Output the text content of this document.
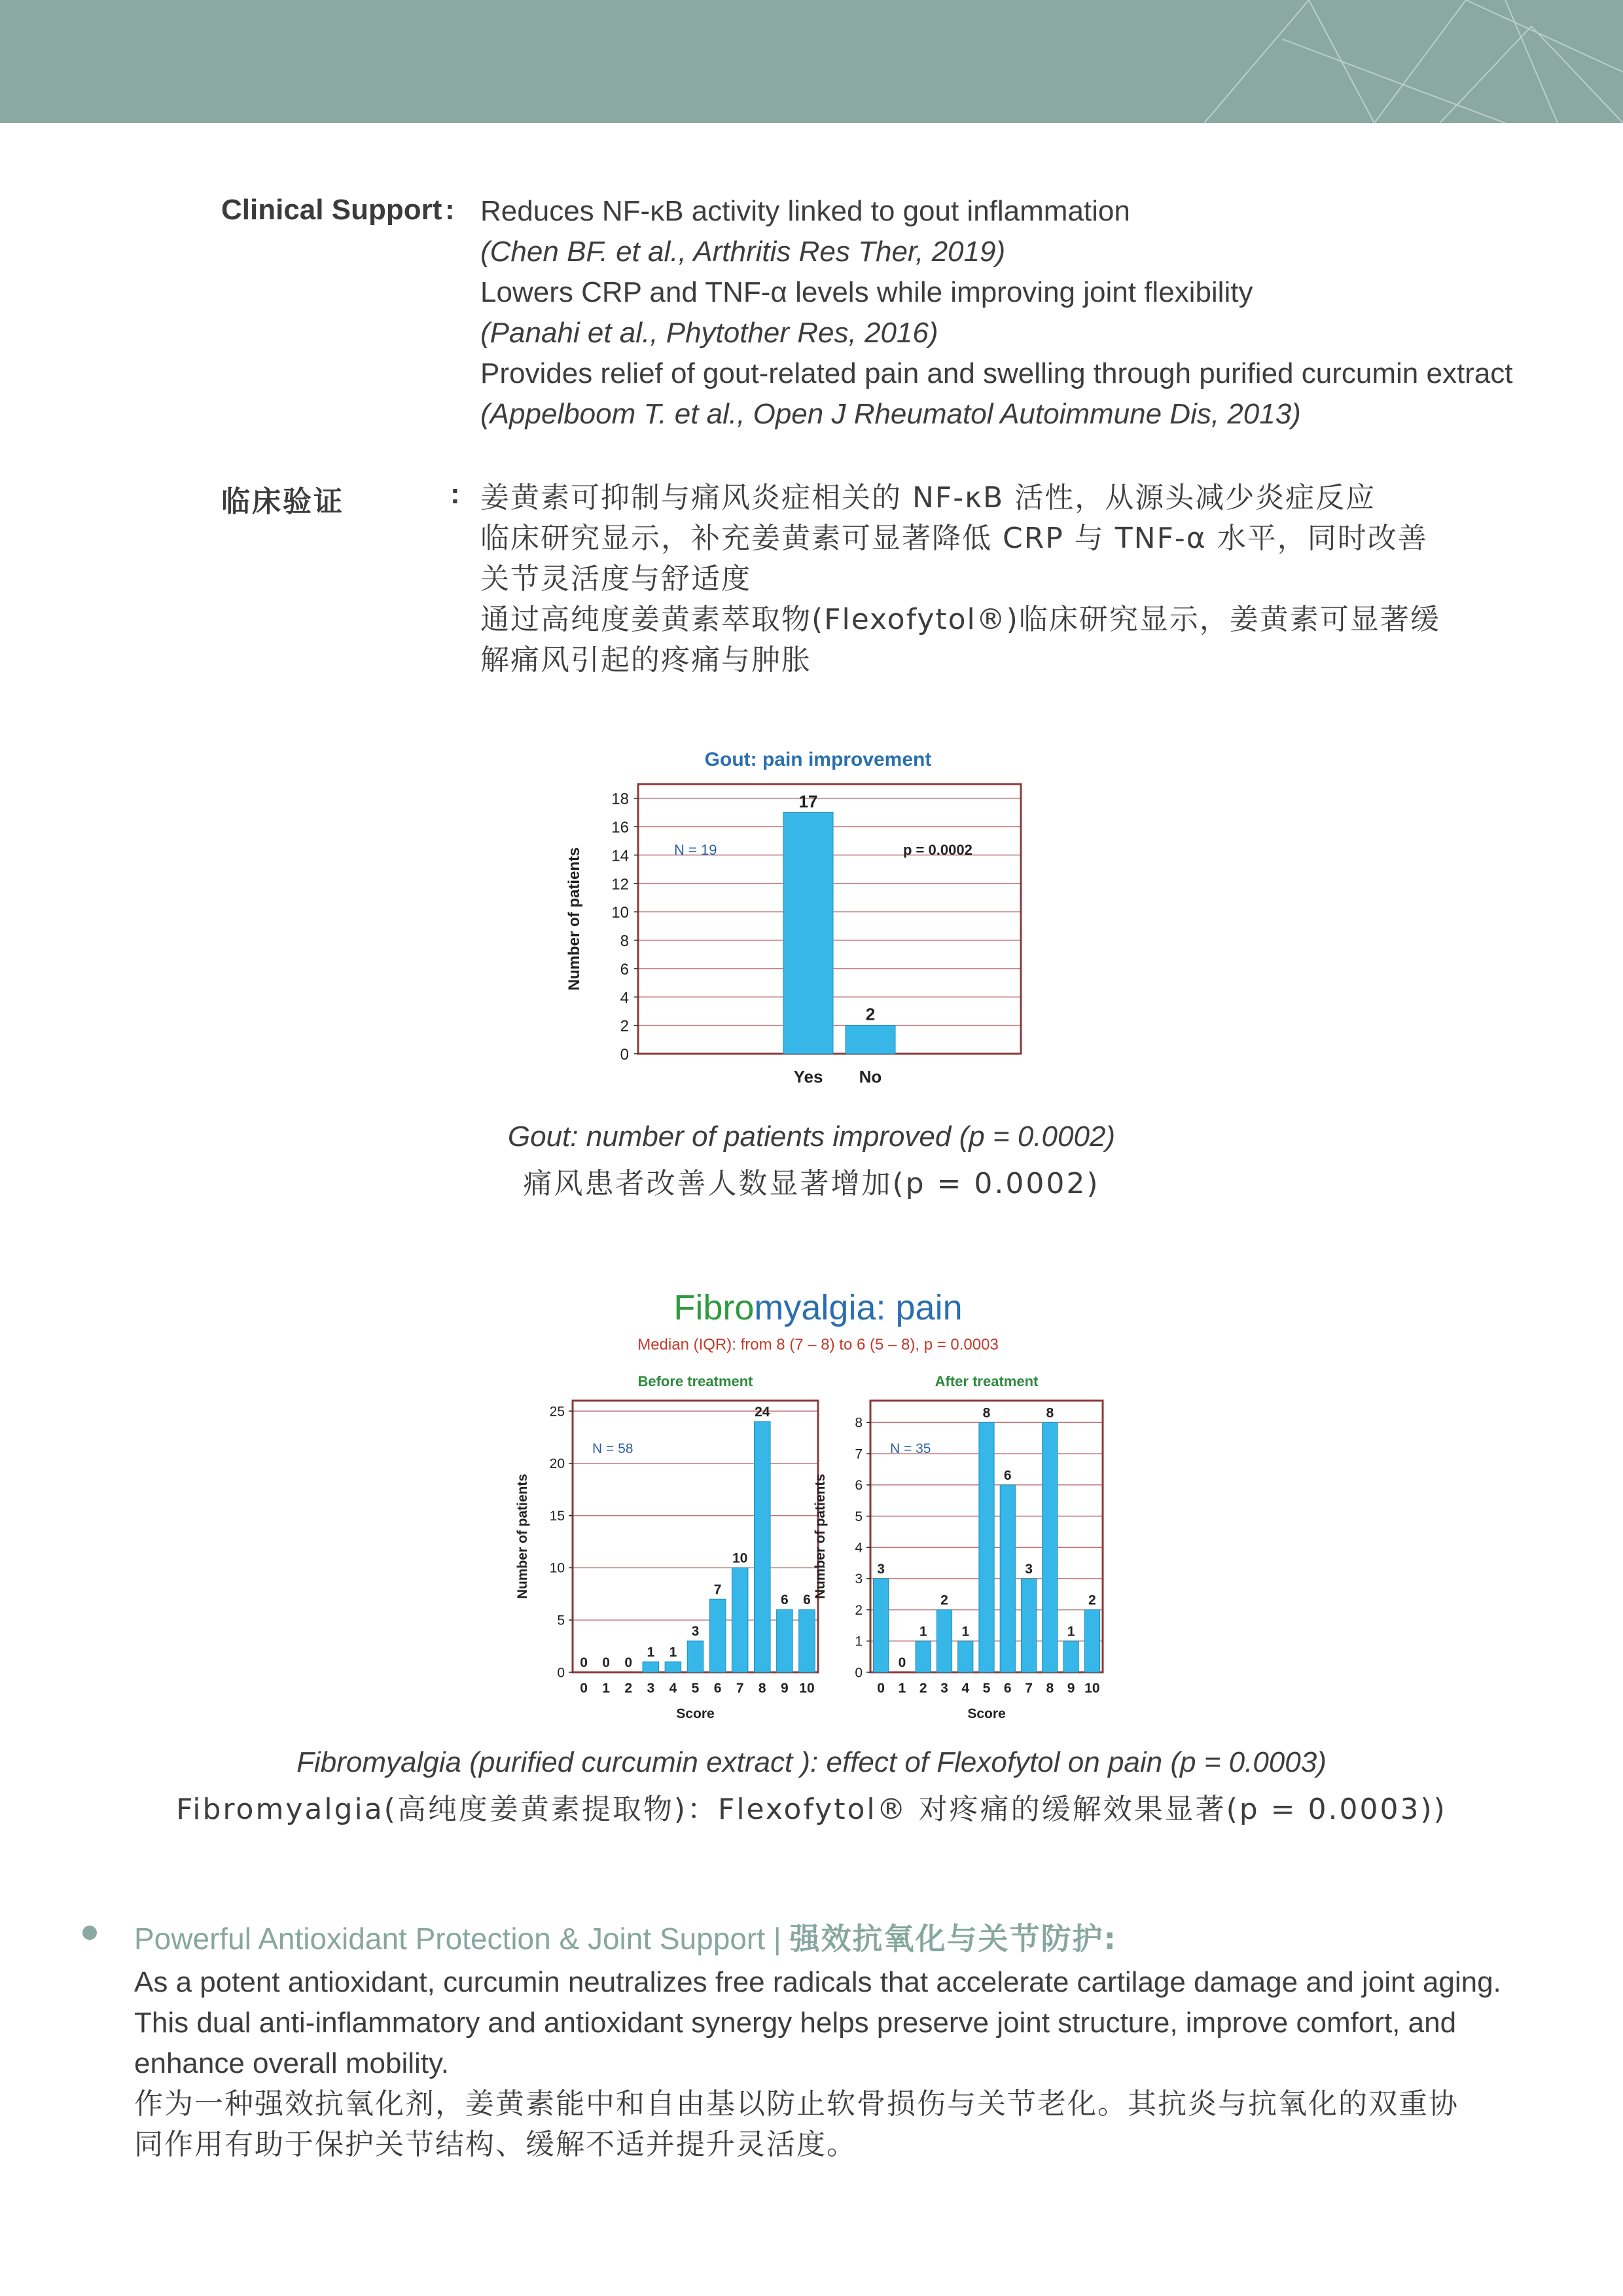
Clinical Support : Reduces NF-κB activity linked to gout inflammation
(Chen BF. et al., Arthritis Res Ther, 2019)
Lowers CRP and TNF-α levels while improving joint flexibility
(Panahi et al., Phytother Res, 2016)
Provides relief of gout-related pain and swelling through purified curcumin extract
(Appelboom T. et al., Open J Rheumatol Autoimmune Dis, 2013)
临床验证	: 姜黄素可抑制与痛风炎症相关的 NF-κB 活性，从源头减少炎症反应
临床研究显示，补充姜黄素可显著降低 CRP 与 TNF-α 水平，同时改善
关节灵活度与舒适度
通过高纯度姜黄素萃取物(Flexofytol®)临床研究显示，姜黄素可显著缓
解痛风引起的疼痛与肿胀
Gout: pain improvement
0
2
4
6
8
10
12
14
16
18	17
Yes
2
No
N = 19	p = 0.0002
Number of patients
Gout: number of patients improved (p = 0.0002)
痛风患者改善人数显著增加(p = 0.0002)
Fibromyalgia: pain
Median (IQR): from 8 (7 – 8) to 6 (5 – 8), p = 0.0003
Before treatment
0
5
10
15
20
25
0
0
0
1
0
2
1
3
1
4
3
5
7
6
10
7
24
8
6
9
6
10
N = 58
Score
Number of patients
After treatment
0
1
2
3
4
5
6
7
8
3
0
0
1
1
2
2
3
1
4
8
5
6
6
3
7
8
8
1
9
2
10
N = 35
Score
Number of patients
Fibromyalgia (purified curcumin extract ): effect of Flexofytol on pain (p = 0.0003)
Fibromyalgia(高纯度姜黄素提取物)：Flexofytol® 对疼痛的缓解效果显著(p = 0.0003))
Powerful Antioxidant Protection & Joint Support | 强效抗氧化与关节防护:
As a potent antioxidant, curcumin neutralizes free radicals that accelerate cartilage damage and joint aging.
This dual anti-inflammatory and antioxidant synergy helps preserve joint structure, improve comfort, and
enhance overall mobility.
作为一种强效抗氧化剂，姜黄素能中和自由基以防止软骨损伤与关节老化。其抗炎与抗氧化的双重协
同作用有助于保护关节结构、缓解不适并提升灵活度。
